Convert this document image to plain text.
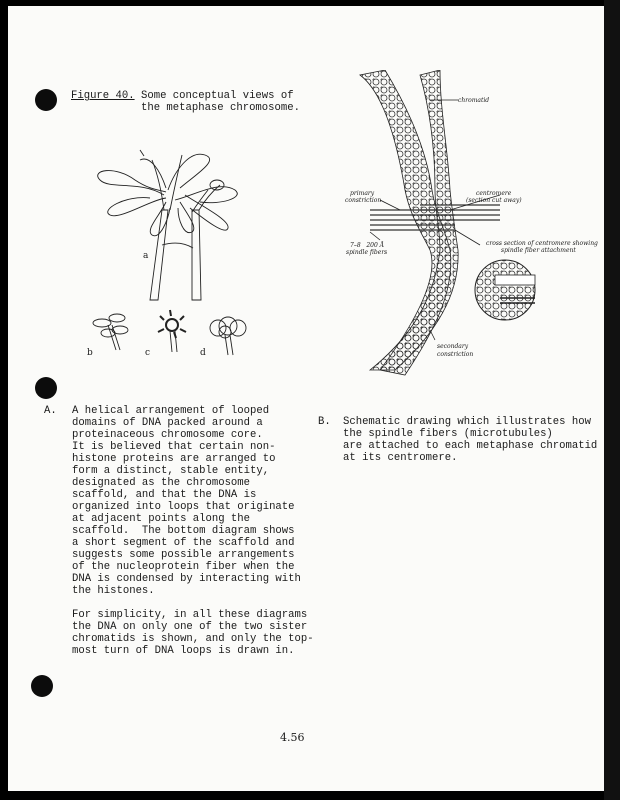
Figure 40. Some conceptual views of
the metaphase chromosome.
a
b	c	d
chromatid
primary
constriction
centromere
(section cut away)
7–8   200 Å
spindle fibers
cross section of centromere showing
spindle fiber attachment
secondary
constriction
A. A helical arrangement of looped
domains of DNA packed around a
proteinaceous chromosome core.
It is believed that certain non-
histone proteins are arranged to
form a distinct, stable entity,
designated as the chromosome
scaffold, and that the DNA is
organized into loops that originate
at adjacent points along the
scaffold.  The bottom diagram shows
a short segment of the scaffold and
suggests some possible arrangements
of the nucleoprotein fiber when the
DNA is condensed by interacting with
the histones.
For simplicity, in all these diagrams
the DNA on only one of the two sister
chromatids is shown, and only the top-
most turn of DNA loops is drawn in.
B. Schematic drawing which illustrates how
the spindle fibers (microtubules)
are attached to each metaphase chromatid
at its centromere.
4.56
